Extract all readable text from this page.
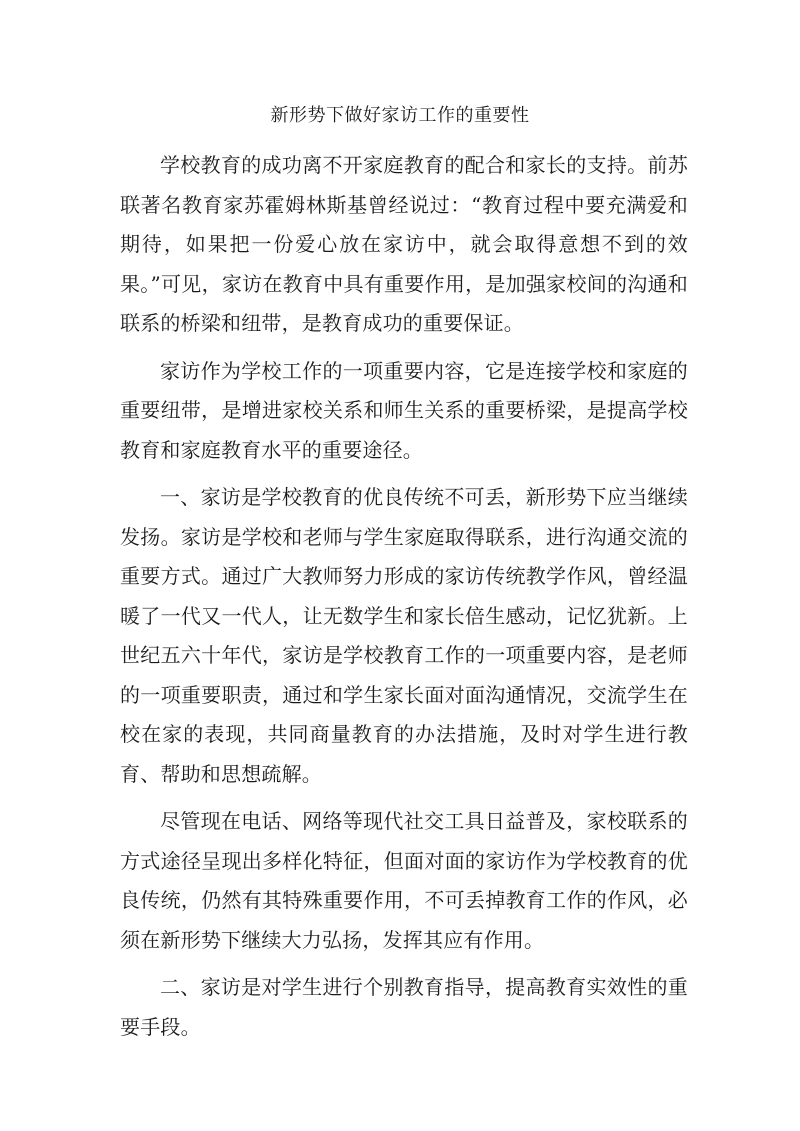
新形势下做好家访工作的重要性

学校教育的成功离不开家庭教育的配合和家长的支持。前苏联著名教育家苏霍姆林斯基曾经说过：“教育过程中要充满爱和期待，如果把一份爱心放在家访中，就会取得意想不到的效果。”可见，家访在教育中具有重要作用，是加强家校间的沟通和联系的桥梁和纽带，是教育成功的重要保证。

家访作为学校工作的一项重要内容，它是连接学校和家庭的重要纽带，是增进家校关系和师生关系的重要桥梁，是提高学校教育和家庭教育水平的重要途径。

一、家访是学校教育的优良传统不可丢，新形势下应当继续发扬。家访是学校和老师与学生家庭取得联系，进行沟通交流的重要方式。通过广大教师努力形成的家访传统教学作风，曾经温暖了一代又一代人，让无数学生和家长倍生感动，记忆犹新。上世纪五六十年代，家访是学校教育工作的一项重要内容，是老师的一项重要职责，通过和学生家长面对面沟通情况，交流学生在校在家的表现，共同商量教育的办法措施，及时对学生进行教育、帮助和思想疏解。

尽管现在电话、网络等现代社交工具日益普及，家校联系的方式途径呈现出多样化特征，但面对面的家访作为学校教育的优良传统，仍然有其特殊重要作用，不可丢掉教育工作的作风，必须在新形势下继续大力弘扬，发挥其应有作用。

二、家访是对学生进行个别教育指导，提高教育实效性的重要手段。
